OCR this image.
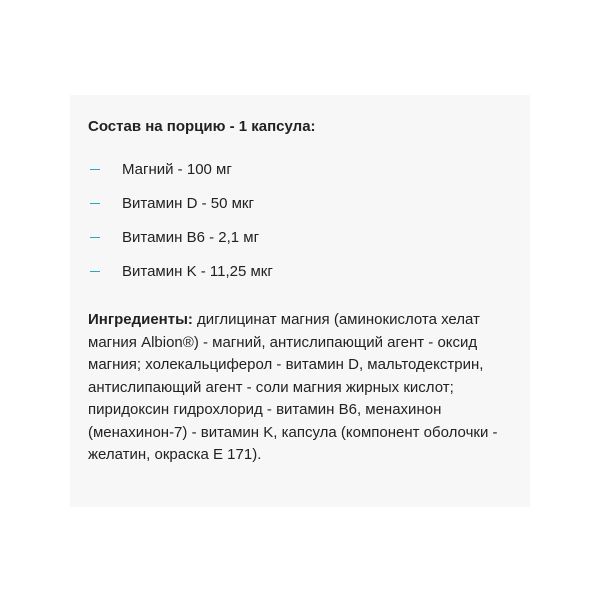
Состав на порцию - 1 капсула:
Магний - 100 мг
Витамин D - 50 мкг
Витамин B6 - 2,1 мг
Витамин K - 11,25 мкг
Ингредиенты: диглицинат магния (аминокислота хелат магния Albion®) - магний, антислипающий агент - оксид магния; холекальциферол - витамин D, мальтодекстрин, антислипающий агент - соли магния жирных кислот; пиридоксин гидрохлорид - витамин B6, менахинон (менахинон-7) - витамин K, капсула (компонент оболочки - желатин, окраска E 171).
